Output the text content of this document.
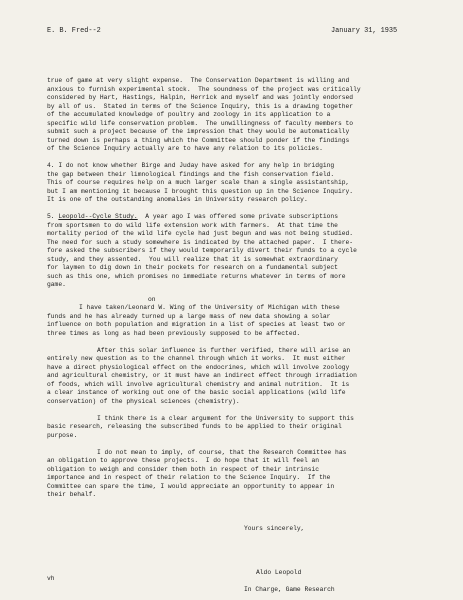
E. B. Fred--2	January 31, 1935
true of game at very slight expense.  The Conservation Department is willing and
anxious to furnish experimental stock.  The soundness of the project was critically
considered by Hart, Hastings, Halpin, Herrick and myself and was jointly endorsed
by all of us.  Stated in terms of the Science Inquiry, this is a drawing together
of the accumulated knowledge of poultry and zoology in its application to a
specific wild life conservation problem.  The unwillingness of faculty members to
submit such a project because of the impression that they would be automatically
turned down is perhaps a thing which the Committee should ponder if the findings
of the Science Inquiry actually are to have any relation to its policies.
4. I do not know whether Birge and Juday have asked for any help in bridging
the gap between their limnological findings and the fish conservation field.
This of course requires help on a much larger scale than a single assistantship,
but I am mentioning it because I brought this question up in the Science Inquiry.
It is one of the outstanding anomalies in University research policy.
5. Leopold--Cycle Study.  A year ago I was offered some private subscriptions
from sportsmen to do wild life extension work with farmers.  At that time the
mortality period of the wild life cycle had just begun and was not being studied.
The need for such a study somewhere is indicated by the attached paper.  I there-
fore asked the subscribers if they would temporarily divert their funds to a cycle
study, and they assented.  You will realize that it is somewhat extraordinary
for laymen to dig down in their pockets for research on a fundamental subject
such as this one, which promises no immediate returns whatever in terms of more
game.
on
I have taken/Leonard W. Wing of the University of Michigan with these
funds and he has already turned up a large mass of new data showing a solar
influence on both population and migration in a list of species at least two or
three times as long as had been previously supposed to be affected.
After this solar influence is further verified, there will arise an
entirely new question as to the channel through which it works.  It must either
have a direct physiological effect on the endocrines, which will involve zoology
and agricultural chemistry, or it must have an indirect effect through irradiation
of foods, which will involve agricultural chemistry and animal nutrition.  It is
a clear instance of working out one of the basic social applications (wild life
conservation) of the physical sciences (chemistry).
I think there is a clear argument for the University to support this
basic research, releasing the subscribed funds to be applied to their original
purpose.
I do not mean to imply, of course, that the Research Committee has
an obligation to approve these projects.  I do hope that it will feel an
obligation to weigh and consider them both in respect of their intrinsic
importance and in respect of their relation to the Science Inquiry.  If the
Committee can spare the time, I would appreciate an opportunity to appear in
their behalf.
Yours sincerely,
Aldo Leopold
vh
In Charge, Game Research
